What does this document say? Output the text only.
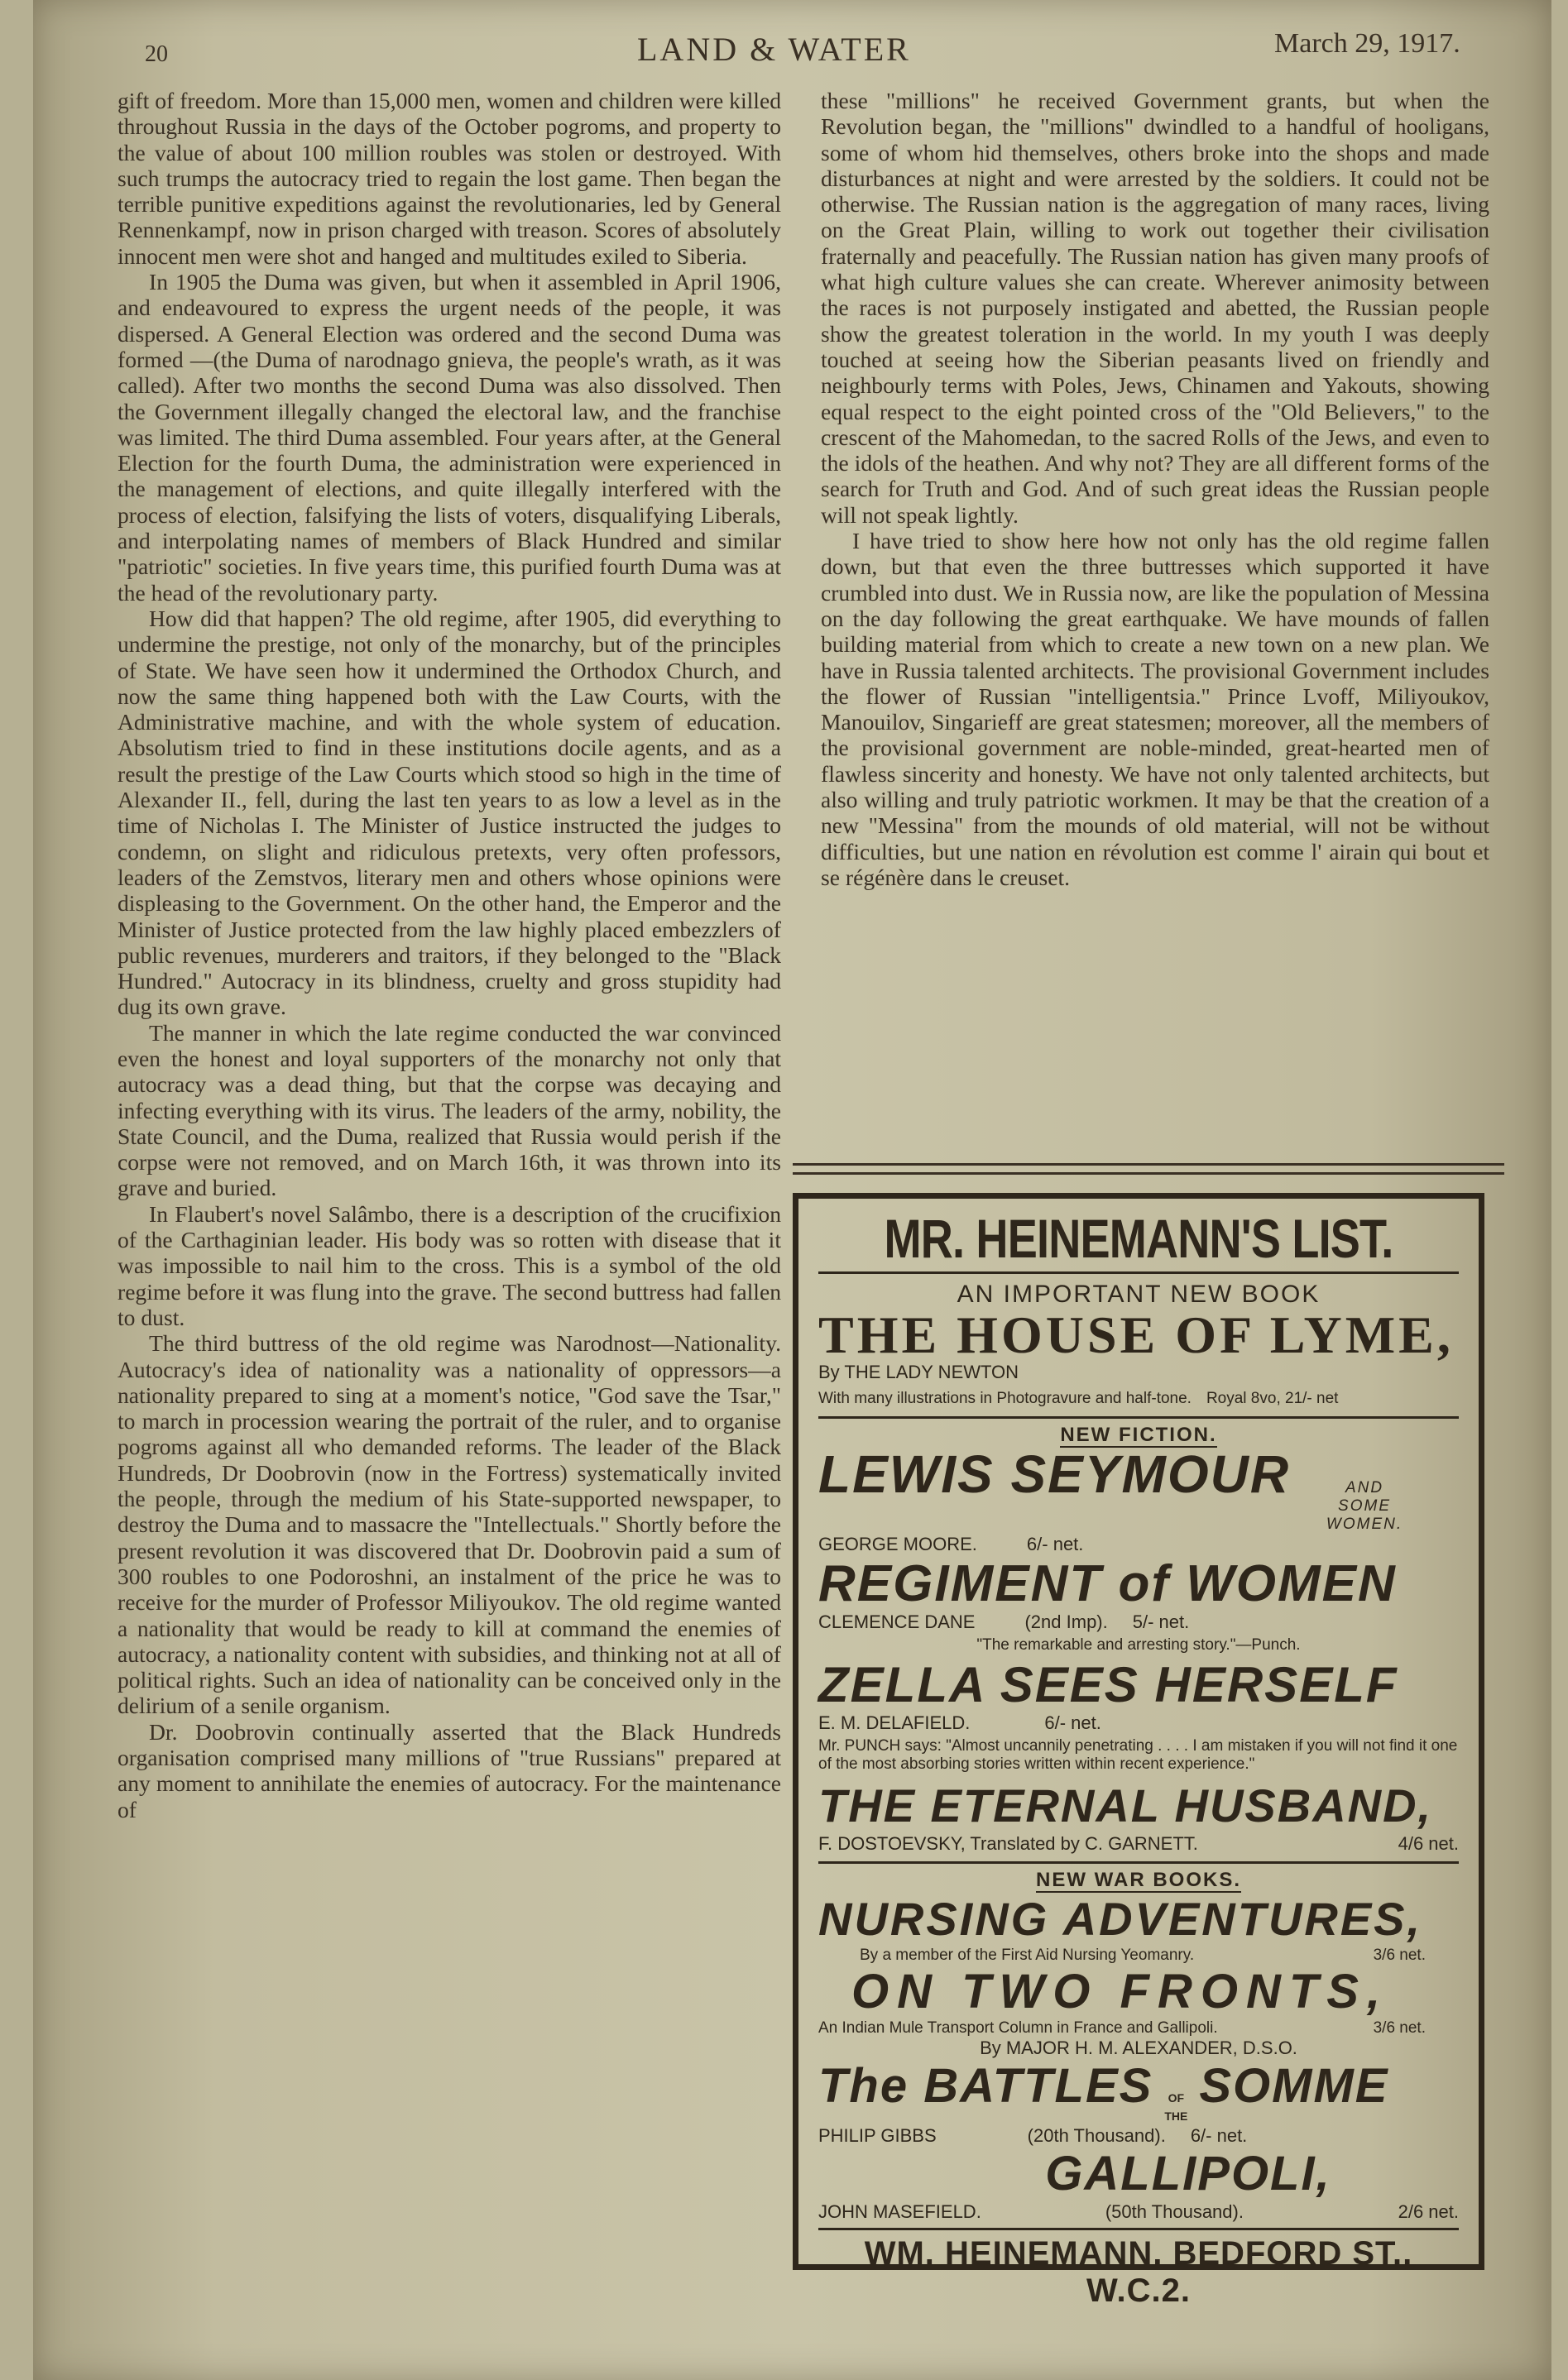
20	LAND & WATER	March 29, 1917.

gift of freedom. More than 15,000 men, women and children were killed throughout Russia in the days of the October pogroms, and property to the value of about 100 million roubles was stolen or destroyed. With such trumps the autocracy tried to regain the lost game. Then began the terrible punitive expeditions against the revolutionaries, led by General Rennenkampf, now in prison charged with treason. Scores of absolutely innocent men were shot and hanged and multitudes exiled to Siberia.

In 1905 the Duma was given, but when it assembled in April 1906, and endeavoured to express the urgent needs of the people, it was dispersed. A General Election was ordered and the second Duma was formed —(the Duma of narodnago gnieva, the people's wrath, as it was called). After two months the second Duma was also dissolved. Then the Government illegally changed the electoral law, and the franchise was limited. The third Duma assembled. Four years after, at the General Election for the fourth Duma, the administration were experienced in the management of elections, and quite illegally interfered with the process of election, falsifying the lists of voters, disqualifying Liberals, and interpolating names of members of Black Hundred and similar "patriotic" societies. In five years time, this purified fourth Duma was at the head of the revolutionary party.

How did that happen? The old regime, after 1905, did everything to undermine the prestige, not only of the monarchy, but of the principles of State. We have seen how it undermined the Orthodox Church, and now the same thing happened both with the Law Courts, with the Administrative machine, and with the whole system of education. Absolutism tried to find in these institutions docile agents, and as a result the prestige of the Law Courts which stood so high in the time of Alexander II., fell, during the last ten years to as low a level as in the time of Nicholas I. The Minister of Justice instructed the judges to condemn, on slight and ridiculous pretexts, very often professors, leaders of the Zemstvos, literary men and others whose opinions were displeasing to the Government. On the other hand, the Emperor and the Minister of Justice protected from the law highly placed embezzlers of public revenues, murderers and traitors, if they belonged to the "Black Hundred." Autocracy in its blindness, cruelty and gross stupidity had dug its own grave.

The manner in which the late regime conducted the war convinced even the honest and loyal supporters of the monarchy not only that autocracy was a dead thing, but that the corpse was decaying and infecting everything with its virus. The leaders of the army, nobility, the State Council, and the Duma, realized that Russia would perish if the corpse were not removed, and on March 16th, it was thrown into its grave and buried.

In Flaubert's novel Salâmbo, there is a description of the crucifixion of the Carthaginian leader. His body was so rotten with disease that it was impossible to nail him to the cross. This is a symbol of the old regime before it was flung into the grave. The second buttress had fallen to dust.

The third buttress of the old regime was Narodnost—Nationality. Autocracy's idea of nationality was a nationality of oppressors—a nationality prepared to sing at a moment's notice, "God save the Tsar," to march in procession wearing the portrait of the ruler, and to organise pogroms against all who demanded reforms. The leader of the Black Hundreds, Dr Doobrovin (now in the Fortress) systematically invited the people, through the medium of his State-supported newspaper, to destroy the Duma and to massacre the "Intellectuals." Shortly before the present revolution it was discovered that Dr. Doobrovin paid a sum of 300 roubles to one Podoroshni, an instalment of the price he was to receive for the murder of Professor Miliyoukov. The old regime wanted a nationality that would be ready to kill at command the enemies of autocracy, a nationality content with subsidies, and thinking not at all of political rights. Such an idea of nationality can be conceived only in the delirium of a senile organism.

Dr. Doobrovin continually asserted that the Black Hundreds organisation comprised many millions of "true Russians" prepared at any moment to annihilate the enemies of autocracy. For the maintenance of

these "millions" he received Government grants, but when the Revolution began, the "millions" dwindled to a handful of hooligans, some of whom hid themselves, others broke into the shops and made disturbances at night and were arrested by the soldiers. It could not be otherwise. The Russian nation is the aggregation of many races, living on the Great Plain, willing to work out together their civilisation fraternally and peacefully. The Russian nation has given many proofs of what high culture values she can create. Wherever animosity between the races is not purposely instigated and abetted, the Russian people show the greatest toleration in the world. In my youth I was deeply touched at seeing how the Siberian peasants lived on friendly and neighbourly terms with Poles, Jews, Chinamen and Yakouts, showing equal respect to the eight pointed cross of the "Old Believers," to the crescent of the Mahomedan, to the sacred Rolls of the Jews, and even to the idols of the heathen. And why not? They are all different forms of the search for Truth and God. And of such great ideas the Russian people will not speak lightly.

I have tried to show here how not only has the old regime fallen down, but that even the three buttresses which supported it have crumbled into dust. We in Russia now, are like the population of Messina on the day following the great earthquake. We have mounds of fallen building material from which to create a new town on a new plan. We have in Russia talented architects. The provisional Government includes the flower of Russian "intelligentsia." Prince Lvoff, Miliyoukov, Manouilov, Singarieff are great statesmen; moreover, all the members of the provisional government are noble-minded, great-hearted men of flawless sincerity and honesty. We have not only talented architects, but also willing and truly patriotic workmen. It may be that the creation of a new "Messina" from the mounds of old material, will not be without difficulties, but une nation en révolution est comme l' airain qui bout et se régénère dans le creuset.

MR. HEINEMANN'S LIST.
AN IMPORTANT NEW BOOK
THE HOUSE OF LYME,
By THE LADY NEWTON
With many illustrations in Photogravure and half-tone. Royal 8vo, 21/- net
NEW FICTION.
LEWIS SEYMOUR	AND SOME WOMEN.
GEORGE MOORE.	6/- net.
REGIMENT of WOMEN
CLEMENCE DANE	(2nd Imp). 5/- net.
"The remarkable and arresting story."—Punch.
ZELLA SEES HERSELF
E. M. DELAFIELD.	6/- net.
Mr. PUNCH says: "Almost uncannily penetrating . . . . I am mistaken if you will not find it one of the most absorbing stories written within recent experience."
THE ETERNAL HUSBAND,
F. DOSTOEVSKY, Translated by C. GARNETT.	4/6 net.
NEW WAR BOOKS.
NURSING ADVENTURES,
By a member of the First Aid Nursing Yeomanry.	3/6 net.
ON TWO FRONTS,
An Indian Mule Transport Column in France and Gallipoli.	3/6 net.
By MAJOR H. M. ALEXANDER, D.S.O.
The BATTLES	OF THE
SOMME
PHILIP GIBBS	(20th Thousand). 6/- net.
GALLIPOLI,
JOHN MASEFIELD.	(50th Thousand).	2/6 net.
WM. HEINEMANN, BEDFORD ST., W.C.2.
